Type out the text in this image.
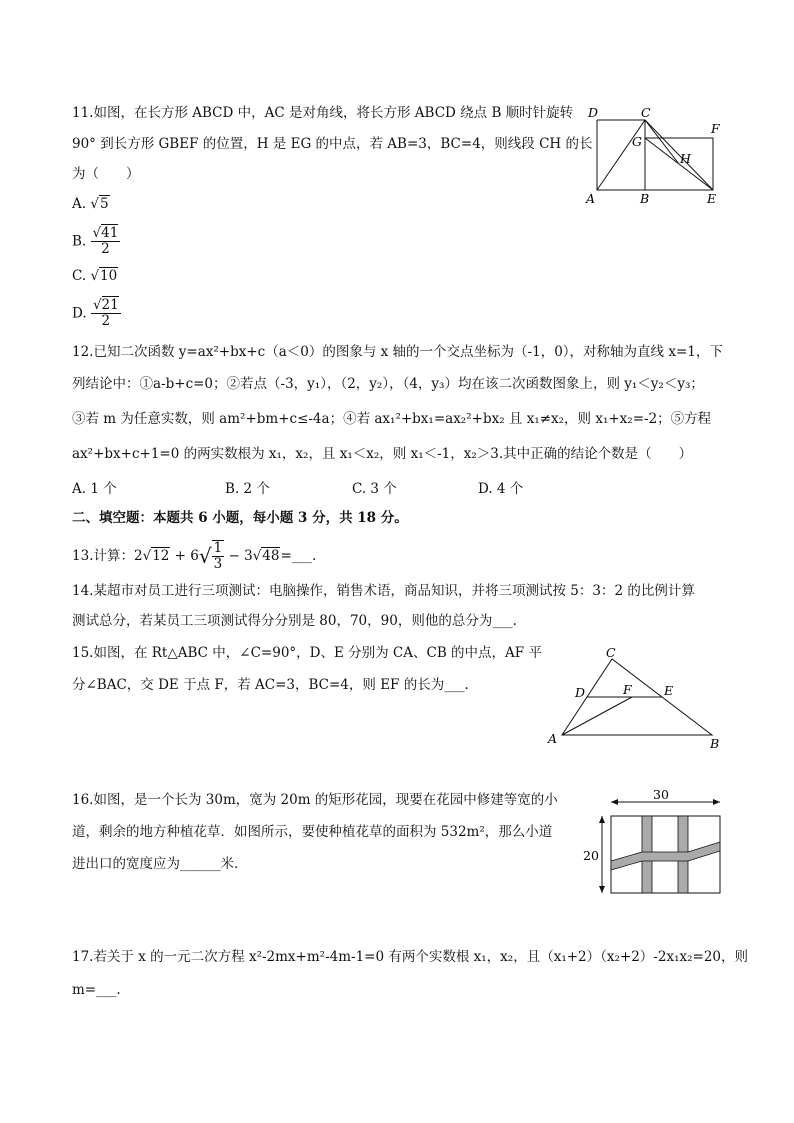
11.如图，在长方形 ABCD 中，AC 是对角线，将长方形 ABCD 绕点 B 顺时针旋转
90° 到长方形 GBEF 的位置，H 是 EG 的中点，若 AB=3，BC=4，则线段 CH 的长
为（　　）
A. √5
B. $\frac{√41}{2}$
C. √10
D. $\frac{√21}{2}$
D	C
F
G
H
A	B	E
12.已知二次函数 y=ax²+bx+c（a＜0）的图象与 x 轴的一个交点坐标为（-1，0），对称轴为直线 x=1，下
列结论中：①a-b+c=0；②若点（-3，y₁），（2，y₂），（4，y₃）均在该二次函数图象上，则 y₁＜y₂＜y₃；
③若 m 为任意实数，则 am²+bm+c≤-4a；④若 ax₁²+bx₁=ax₂²+bx₂ 且 x₁≠x₂，则 x₁+x₂=-2；⑤方程
ax²+bx+c+1=0 的两实数根为 x₁，x₂，且 x₁＜x₂，则 x₁＜-1，x₂＞3.其中正确的结论个数是（　　）
A. 1 个	B. 2 个	C. 3 个	D. 4 个
二、填空题：本题共 6 小题，每小题 3 分，共 18 分。
13.计算：$2√12 + 6√ \frac{1}{3}$ − 3√48=___.
14.某超市对员工进行三项测试：电脑操作，销售术语，商品知识，并将三项测试按 5：3：2 的比例计算
测试总分，若某员工三项测试得分分别是 80，70，90，则他的总分为___.
15.如图，在 Rt△ABC 中，∠C=90°，D、E 分别为 CA、CB 的中点，AF 平
分∠BAC，交 DE 于点 F，若 AC=3，BC=4，则 EF 的长为___.
C
D	F	E
A	B
16.如图，是一个长为 30m，宽为 20m 的矩形花园，现要在花园中修建等宽的小
道，剩余的地方种植花草．如图所示，要使种植花草的面积为 532m²，那么小道
进出口的宽度应为______米．
30
20
17.若关于 x 的一元二次方程 x²-2mx+m²-4m-1=0 有两个实数根 x₁，x₂，且（x₁+2）（x₂+2）-2x₁x₂=20，则
m=___.
